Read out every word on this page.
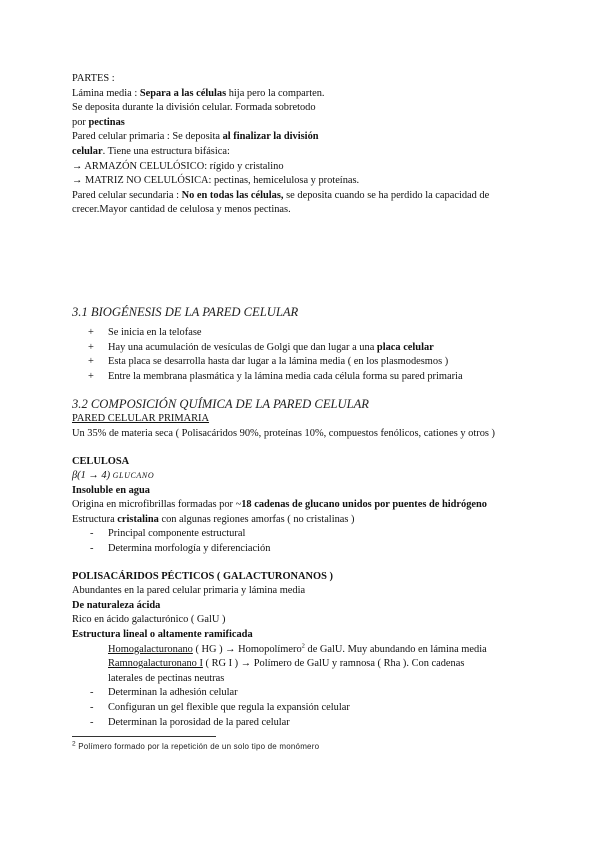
PARTES :
Lámina media : Separa a las células hija pero la comparten.
Se deposita durante la división celular. Formada sobretodo
por pectinas
Pared celular primaria : Se deposita al finalizar la división
celular. Tiene una estructura bifásica:
→ ARMAZÓN CELULÓSICO: rígido y cristalino
→ MATRIZ NO CELULÓSICA: pectinas, hemicelulosa y proteínas.
Pared celular secundaria : No en todas las células, se deposita cuando se ha perdido la capacidad de
crecer.Mayor cantidad de celulosa y menos pectinas.
3.1 BIOGÉNESIS DE LA PARED CELULAR
+ Se inicia en la telofase
+ Hay una acumulación de vesículas de Golgi que dan lugar a una placa celular
+ Esta placa se desarrolla hasta dar lugar a la lámina media ( en los plasmodesmos )
+ Entre la membrana plasmática y la lámina media cada célula forma su pared primaria
3.2 COMPOSICIÓN QUÍMICA DE LA PARED CELULAR
PARED CELULAR PRIMARIA
Un 35% de materia seca ( Polisacáridos 90%, proteínas 10%, compuestos fenólicos, cationes y otros )
CELULOSA
β(1 → 4) GLUCANO
Insoluble en agua
Origina en microfibrillas formadas por ~18 cadenas de glucano unidos por puentes de hidrógeno
Estructura cristalina con algunas regiones amorfas ( no cristalinas )
- Principal componente estructural
- Determina morfología y diferenciación
POLISACÁRIDOS PÉCTICOS ( GALACTURONANOS )
Abundantes en la pared celular primaria y lámina media
De naturaleza ácida
Rico en ácido galacturónico ( GalU )
Estructura lineal o altamente ramificada
Homogalacturonano ( HG ) → Homopolímero$^2$ de GalU. Muy abundando en lámina media
Ramnogalacturonano I ( RG I ) → Polímero de GalU y ramnosa ( Rha ). Con cadenas
laterales de pectinas neutras
- Determinan la adhesión celular
- Configuran un gel flexible que regula la expansión celular
- Determinan la porosidad de la pared celular
$^2$ Polímero formado por la repetición de un solo tipo de monómero
